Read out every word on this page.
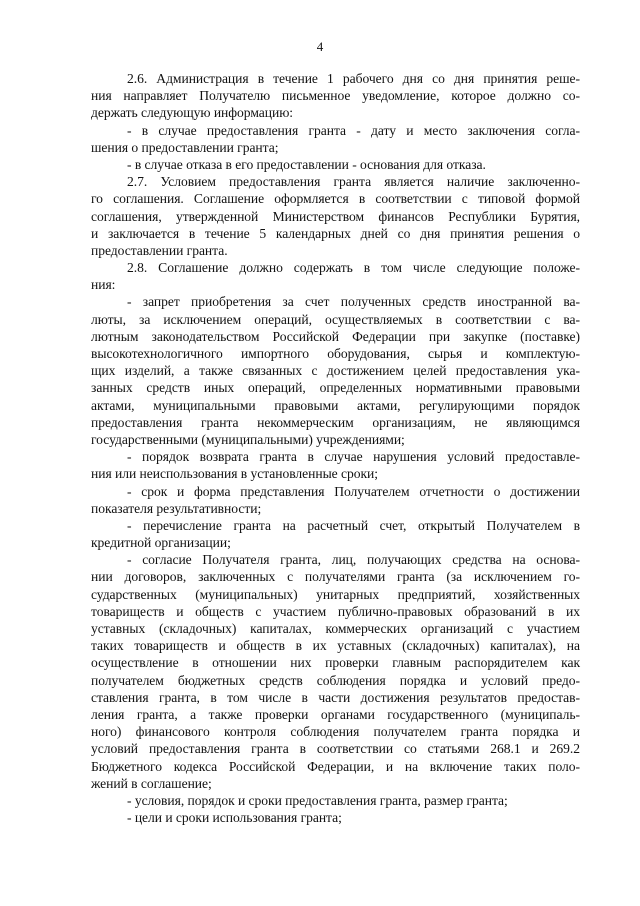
4
2.6. Администрация в течение 1 рабочего дня со дня принятия реше-
ния направляет Получателю письменное уведомление, которое должно со-
держать следующую информацию:
- в случае предоставления гранта - дату и место заключения согла-
шения о предоставлении гранта;
- в случае отказа в его предоставлении - основания для отказа.
2.7. Условием предоставления гранта является наличие заключенно-
го соглашения. Соглашение оформляется в соответствии с типовой формой
соглашения, утвержденной Министерством финансов Республики Бурятия,
и заключается в течение 5 календарных дней со дня принятия решения о
предоставлении гранта.
2.8. Соглашение должно содержать в том числе следующие положе-
ния:
- запрет приобретения за счет полученных средств иностранной ва-
люты, за исключением операций, осуществляемых в соответствии с ва-
лютным законодательством Российской Федерации при закупке (поставке)
высокотехнологичного импортного оборудования, сырья и комплектую-
щих изделий, а также связанных с достижением целей предоставления ука-
занных средств иных операций, определенных нормативными правовыми
актами, муниципальными правовыми актами, регулирующими порядок
предоставления гранта некоммерческим организациям, не являющимся
государственными (муниципальными) учреждениями;
- порядок возврата гранта в случае нарушения условий предоставле-
ния или неиспользования в установленные сроки;
- срок и форма представления Получателем отчетности о достижении
показателя результативности;
- перечисление гранта на расчетный счет, открытый Получателем в
кредитной организации;
- согласие Получателя гранта, лиц, получающих средства на основа-
нии договоров, заключенных с получателями гранта (за исключением го-
сударственных (муниципальных) унитарных предприятий, хозяйственных
товариществ и обществ с участием публично-правовых образований в их
уставных (складочных) капиталах, коммерческих организаций с участием
таких товариществ и обществ в их уставных (складочных) капиталах), на
осуществление в отношении них проверки главным распорядителем как
получателем бюджетных средств соблюдения порядка и условий предо-
ставления гранта, в том числе в части достижения результатов предостав-
ления гранта, а также проверки органами государственного (муниципаль-
ного) финансового контроля соблюдения получателем гранта порядка и
условий предоставления гранта в соответствии со статьями 268.1 и 269.2
Бюджетного кодекса Российской Федерации, и на включение таких поло-
жений в соглашение;
- условия, порядок и сроки предоставления гранта, размер гранта;
- цели и сроки использования гранта;
